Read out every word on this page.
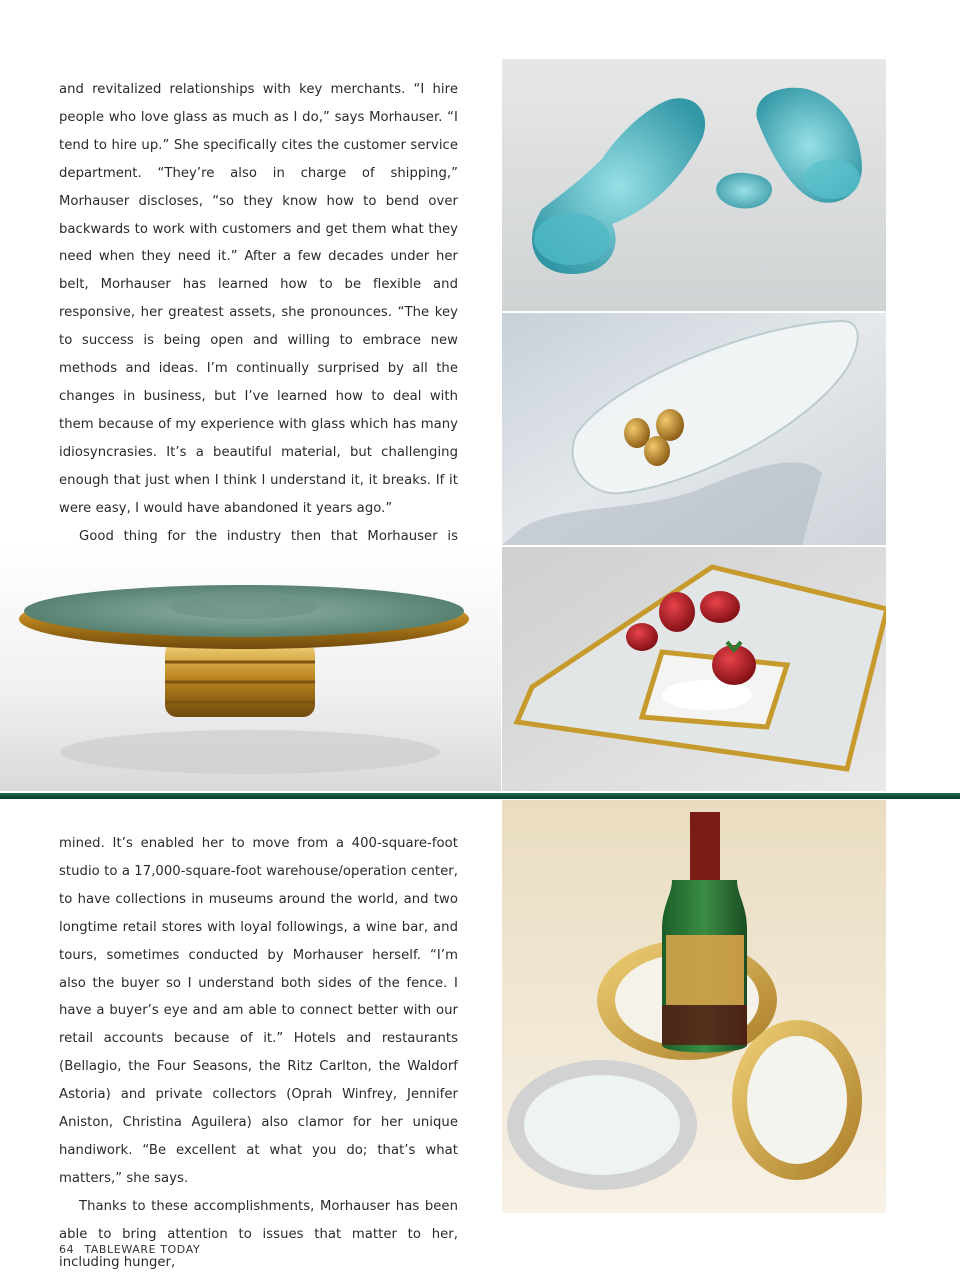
and revitalized relationships with key merchants. “I hire people who love glass as much as I do,” says Morhauser. “I tend to hire up.” She specifically cites the customer service department. “They’re also in charge of shipping,” Morhauser discloses, “so they know how to bend over backwards to work with customers and get them what they need when they need it.” After a few decades under her belt, Morhauser has learned how to be flexible and responsive, her greatest assets, she pronounces. “The key to success is being open and willing to embrace new methods and ideas. I’m continually surprised by all the changes in business, but I’ve learned how to deal with them because of my experience with glass which has many idiosyncrasies. It’s a beautiful material, but challenging enough that just when I think I understand it, it breaks. If it were easy, I would have abandoned it years ago.”

Good thing for the industry then that Morhauser is

mined. It’s enabled her to move from a 400-square-foot studio to a 17,000-square-foot warehouse/operation center, to have collections in museums around the world, and two longtime retail stores with loyal followings, a wine bar, and tours, sometimes conducted by Morhauser herself. “I’m also the buyer so I understand both sides of the fence. I have a buyer’s eye and am able to connect better with our retail accounts because of it.” Hotels and restaurants (Bellagio, the Four Seasons, the Ritz Carlton, the Waldorf Astoria) and private collectors (Oprah Winfrey, Jennifer Aniston, Christina Aguilera) also clamor for her unique handiwork. “Be excellent at what you do; that’s what matters,” she says.

Thanks to these accomplishments, Morhauser has been able to bring attention to issues that matter to her, including hunger,

64 TABLEWARE TODAY
